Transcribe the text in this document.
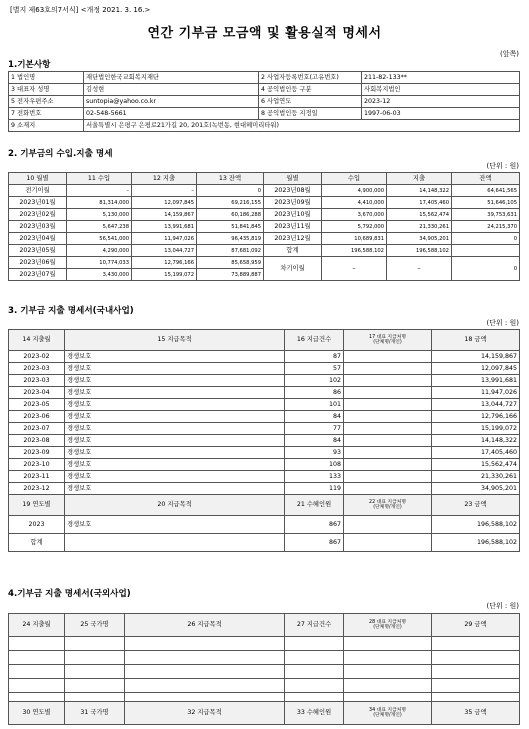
[별지 제63호의7서식] <개정 2021. 3. 16.>
연간 기부금 모금액 및 활용실적 명세서
(앞쪽)
1.기본사항
1 법인명	재단법인한국교회복지재단	2 사업자등록번호(고유번호)	211-82-133**
3 대표자 성명	김성현	4 공익법인등 구분	사회복지법인
5 전자우편주소	suntopia@yahoo.co.kr	6 사업연도	2023-12
7 전화번호	02-548-5661	8 공익법인등 지정일	1997-06-03
9 소재지	서울특별시 은평구 은평로21가길 20, 201호(녹번동, 현대헤미리타워)		
2. 기부금의 수입.지출 명세
(단위 : 원)
10 월별	11 수입	12 지출	13 잔액	월별	수입	지출	잔액
전기이월	–	–	0	2023년08월	4,900,000	14,148,322	64,641,565
2023년01월	81,314,000	12,097,845	69,216,155	2023년09월	4,410,000	17,405,460	51,646,105
2023년02월	5,130,000	14,159,867	60,186,288	2023년10월	3,670,000	15,562,474	39,753,631
2023년03월	5,647,238	13,991,681	51,841,845	2023년11월	5,792,000	21,330,261	24,215,370
2023년04월	56,541,000	11,947,026	96,435,819	2023년12월	10,689,831	34,905,201	0
2023년05월	4,290,000	13,044,727	87,681,092	합계	196,588,102	196,588,102	
2023년06월	10,774,033	12,796,166	85,658,959	차기이월	–	–	0
2023년07월	3,430,000	15,199,072	73,889,887				
3. 기부금 지출 명세서(국내사업)
(단위 : 원)
14 지출월	15 지급목적	16 지급건수	17 대표 지급처명
(단체명/개인)	18 금액
2023-02	경생보호	87		14,159,867
2023-03	경생보호	57		12,097,845
2023-03	경생보호	102		13,991,681
2023-04	경생보호	86		11,947,026
2023-05	경생보호	101		13,044,727
2023-06	경생보호	84		12,796,166
2023-07	경생보호	77		15,199,072
2023-08	경생보호	84		14,148,322
2023-09	경생보호	93		17,405,460
2023-10	경생보호	108		15,562,474
2023-11	경생보호	133		21,330,261
2023-12	경생보호	119		34,905,201
19 연도별	20 지급목적	21 수혜인원	22 대표 지급처명
(단체명/개인)	23 금액
2023	경생보호	867		196,588,102
합계		867		196,588,102
4.기부금 지출 명세서(국외사업)
(단위 : 원)
24 지출월	25 국가명	26 지급목적	27 지급건수	28 대표 지급처명
(단체명/개인)	29 금액

30 연도별	31 국가명	32 지급목적	33 수혜인원	34 대표 지급처명
(단체명/개인)	35 금액
